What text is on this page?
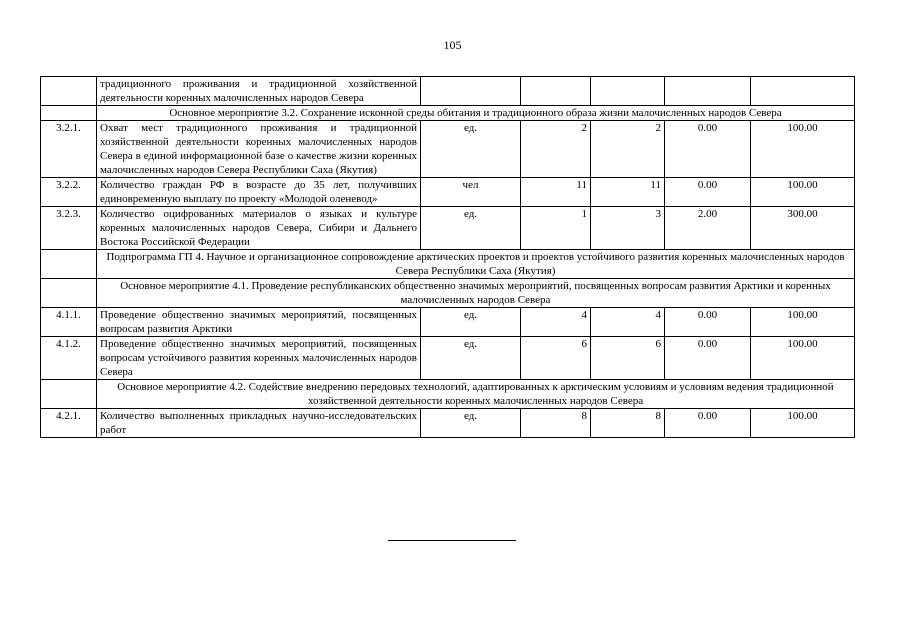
105
	традиционного проживания и традиционной хозяйственной деятельности коренных малочисленных народов Севера					
	Основное мероприятие 3.2. Сохранение исконной среды обитания и традиционного образа жизни малочисленных народов Севера					
3.2.1.	Охват мест традиционного проживания и традиционной хозяйственной деятельности коренных малочисленных народов Севера в единой информационной базе о качестве жизни коренных малочисленных народов Севера Республики Саха (Якутия)	ед.	2	2	0.00	100.00
3.2.2.	Количество граждан РФ в возрасте до 35 лет, получивших единовременную выплату по проекту «Молодой оленевод»	чел	11	11	0.00	100.00
3.2.3.	Количество оцифрованных материалов о языках и культуре коренных малочисленных народов Севера, Сибири и Дальнего Востока Российской Федерации	ед.	1	3	2.00	300.00
	Подпрограмма ГП 4. Научное и организационное сопровождение арктических проектов и проектов устойчивого развития коренных малочисленных народов Севера Республики Саха (Якутия)					
	Основное мероприятие 4.1. Проведение республиканских общественно значимых мероприятий, посвященных вопросам развития Арктики и коренных малочисленных народов Севера					
4.1.1.	Проведение общественно значимых мероприятий, посвященных вопросам развития Арктики	ед.	4	4	0.00	100.00
4.1.2.	Проведение общественно значимых мероприятий, посвященных вопросам устойчивого развития коренных малочисленных народов Севера	ед.	6	6	0.00	100.00
	Основное мероприятие 4.2. Содействие внедрению передовых технологий, адаптированных к арктическим условиям и условиям ведения традиционной хозяйственной деятельности коренных малочисленных народов Севера					
4.2.1.	Количество выполненных прикладных научно-исследовательских работ	ед.	8	8	0.00	100.00
